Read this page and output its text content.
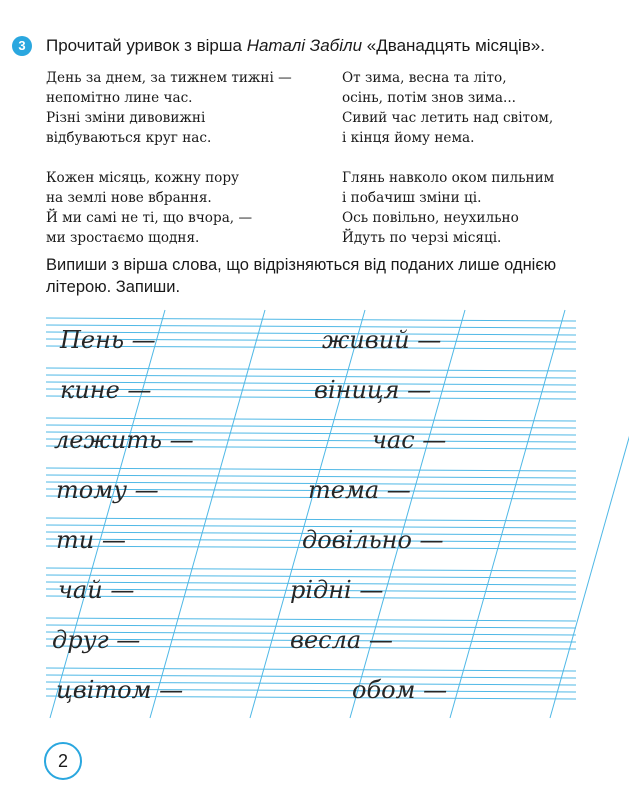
3	Прочитай уривок з вірша Наталі Забіли «Дванадцять місяців».
День за днем, за тижнем тижні —
непомітно лине час.
Різні зміни дивовижні
відбуваються круг нас.
Кожен місяць, кожну пору
на землі нове вбрання.
Й ми самі не ті, що вчора, —
ми зростаємо щодня.
От зима, весна та літо,
осінь, потім знов зима...
Сивий час летить над світом,
і кінця йому нема.
Глянь навколо оком пильним
і побачиш зміни ці.
Ось повільно, неухильно
Йдуть по черзі місяці.
Випиши з вірша слова, що відрізняються від поданих лише однією літерою. Запиши.
Пень —
кине —
лежить —
тому —
ти —
чай —
друг —
цвітом —
живий —
віниця —
час —
тема —
довільно —
рідні —
весла —
обом —
2
